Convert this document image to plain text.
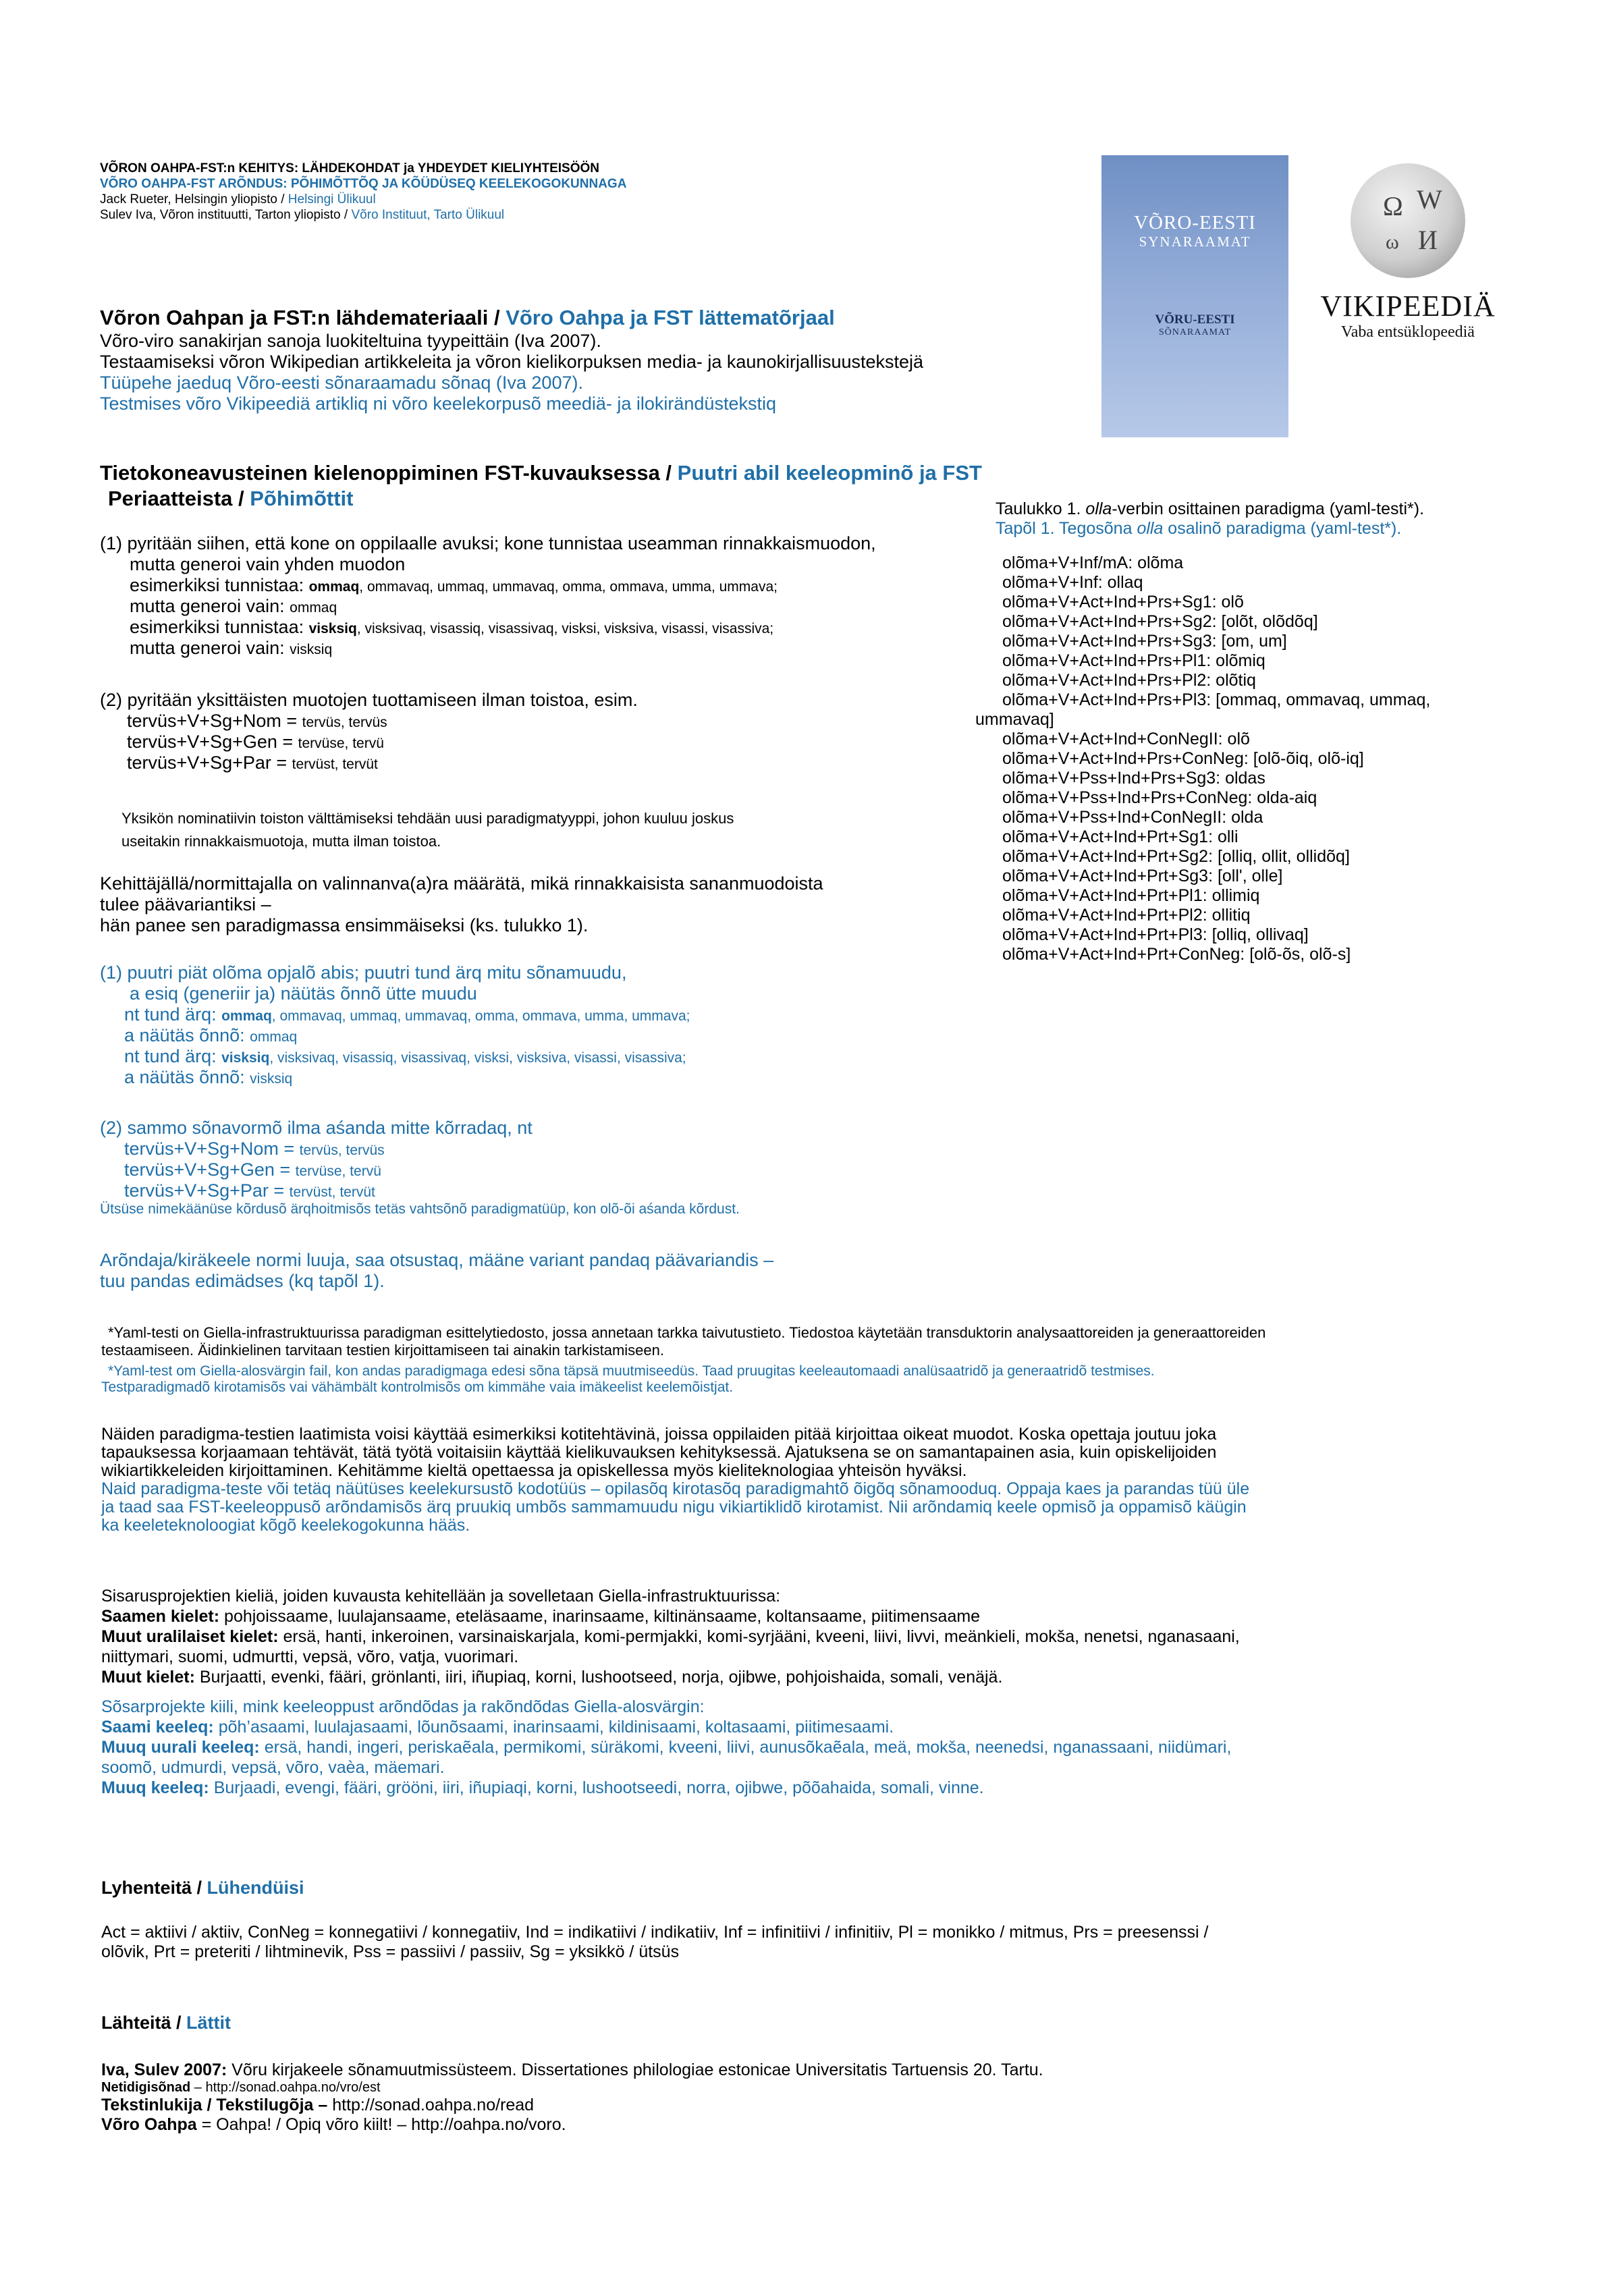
VÕRON OAHPA-FST:n KEHITYS: LÄHDEKOHDAT ja YHDEYDET KIELIYHTEISÖÖN
VÕRO OAHPA-FST ARÕNDUS: PÕHIMÕTTÕQ JA KÕÜDÜSEQ KEELEKOGOKUNNAGA
Jack Rueter, Helsingin yliopisto / Helsingi Ülikuul
Sulev Iva, Võron instituutti, Tarton yliopisto / Võro Instituut, Tarto Ülikuul	VÕRO-EESTI
SYNARAAMAT
VÕRU-EESTI
SÕNARAAMAT
Ω W
И
ω
VIKIPEEDIÄ
Vaba entsüklopeediä
Võron Oahpan ja FST:n lähdemateriaali / Võro Oahpa ja FST lättematõrjaal
Võro-viro sanakirjan sanoja luokiteltuina tyypeittäin (Iva 2007).
Testaamiseksi võron Wikipedian artikkeleita ja võron kielikorpuksen media- ja kaunokirjallisuustekstejä
Tüüpehe jaeduq Võro-eesti sõnaraamadu sõnaq (Iva 2007).
Testmises võro Vikipeediä artikliq ni võro keelekorpusõ meediä- ja ilokirändüstekstiq
Tietokoneavusteinen kielenoppiminen FST-kuvauksessa / Puutri abil keeleopminõ ja FST
Periaatteista / Põhimõttit
(1) pyritään siihen, että kone on oppilaalle avuksi; kone tunnistaa useamman rinnakkaismuodon,
mutta generoi vain yhden muodon
esimerkiksi tunnistaa: ommaq, ommavaq, ummaq, ummavaq, omma, ommava, umma, ummava;
mutta generoi vain: ommaq
esimerkiksi tunnistaa: visksiq, visksivaq, visassiq, visassivaq, visksi, visksiva, visassi, visassiva;
mutta generoi vain: visksiq
(2) pyritään yksittäisten muotojen tuottamiseen ilman toistoa, esim.
tervüs+V+Sg+Nom = tervüs, tervüs
tervüs+V+Sg+Gen = tervüse, tervü
tervüs+V+Sg+Par = tervüst, tervüt
Yksikön nominatiivin toiston välttämiseksi tehdään uusi paradigmatyyppi, johon kuuluu joskus
useitakin rinnakkaismuotoja, mutta ilman toistoa.
Kehittäjällä/normittajalla on valinnanva(a)ra määrätä, mikä rinnakkaisista sananmuodoista
tulee päävariantiksi –
hän panee sen paradigmassa ensimmäiseksi (ks. tulukko 1).
(1) puutri piät olõma opjalõ abis; puutri tund ärq mitu sõnamuudu,
a esiq (generiir ja) näütäs õnnõ ütte muudu
nt tund ärq: ommaq, ommavaq, ummaq, ummavaq, omma, ommava, umma, ummava;
a näütäs õnnõ: ommaq
nt tund ärq: visksiq, visksivaq, visassiq, visassivaq, visksi, visksiva, visassi, visassiva;
a näütäs õnnõ: visksiq
(2) sammo sõnavormõ ilma aśanda mitte kõrradaq, nt
tervüs+V+Sg+Nom = tervüs, tervüs
tervüs+V+Sg+Gen = tervüse, tervü
tervüs+V+Sg+Par = tervüst, tervüt
Ütsüse nimekäänüse kõrdusõ ärqhoitmisõs tetäs vahtsõnõ paradigmatüüp, kon olõ-õi aśanda kõrdust.
Arõndaja/kiräkeele normi luuja, saa otsustaq, määne variant pandaq päävariandis –
tuu pandas edimädses (kq tapõl 1).
Taulukko 1. olla-verbin osittainen paradigma (yaml-testi*).
Tapõl 1. Tegosõna olla osalinõ paradigma (yaml-test*).
olõma+V+Inf/mA: olõma
olõma+V+Inf: ollaq
olõma+V+Act+Ind+Prs+Sg1: olõ
olõma+V+Act+Ind+Prs+Sg2: [olõt, olõdõq]
olõma+V+Act+Ind+Prs+Sg3: [om, um]
olõma+V+Act+Ind+Prs+Pl1: olõmiq
olõma+V+Act+Ind+Prs+Pl2: olõtiq
olõma+V+Act+Ind+Prs+Pl3: [ommaq, ommavaq, ummaq,
ummavaq]
olõma+V+Act+Ind+ConNegII: olõ
olõma+V+Act+Ind+Prs+ConNeg: [olõ-õiq, olõ-iq]
olõma+V+Pss+Ind+Prs+Sg3: oldas
olõma+V+Pss+Ind+Prs+ConNeg: olda-aiq
olõma+V+Pss+Ind+ConNegII: olda
olõma+V+Act+Ind+Prt+Sg1: olli
olõma+V+Act+Ind+Prt+Sg2: [olliq, ollit, ollidõq]
olõma+V+Act+Ind+Prt+Sg3: [oll', olle]
olõma+V+Act+Ind+Prt+Pl1: ollimiq
olõma+V+Act+Ind+Prt+Pl2: ollitiq
olõma+V+Act+Ind+Prt+Pl3: [olliq, ollivaq]
olõma+V+Act+Ind+Prt+ConNeg: [olõ-õs, olõ-s]
*Yaml-testi on Giella-infrastruktuurissa paradigman esittelytiedosto, jossa annetaan tarkka taivutustieto. Tiedostoa käytetään transduktorin analysaattoreiden ja generaattoreiden
testaamiseen. Äidinkielinen tarvitaan testien kirjoittamiseen tai ainakin tarkistamiseen.
*Yaml-test om Giella-alosvärgin fail, kon andas paradigmaga edesi sõna täpsä muutmiseedüs. Taad pruugitas keeleautomaadi analüsaatridõ ja generaatridõ testmises.
Testparadigmadõ kirotamisõs vai vähämbält kontrolmisõs om kimmähe vaia imäkeelist keelemõistjat.
Näiden paradigma-testien laatimista voisi käyttää esimerkiksi kotitehtävinä, joissa oppilaiden pitää kirjoittaa oikeat muodot. Koska opettaja joutuu joka
tapauksessa korjaamaan tehtävät, tätä työtä voitaisiin käyttää kielikuvauksen kehityksessä. Ajatuksena se on samantapainen asia, kuin opiskelijoiden
wikiartikkeleiden kirjoittaminen. Kehitämme kieltä opettaessa ja opiskellessa myös kieliteknologiaa yhteisön hyväksi.
Naid paradigma-teste või tetäq näütüses keelekursustõ kodotüüs – opilasõq kirotasõq paradigmahtõ õigõq sõnamooduq. Oppaja kaes ja parandas tüü üle
ja taad saa FST-keeleoppusõ arõndamisõs ärq pruukiq umbõs sammamuudu nigu vikiartiklidõ kirotamist. Nii arõndamiq keele opmisõ ja oppamisõ käügin
ka keeleteknoloogiat kõgõ keelekogokunna hääs.
Sisarusprojektien kieliä, joiden kuvausta kehitellään ja sovelletaan Giella-infrastruktuurissa:
Saamen kielet: pohjoissaame, luulajansaame, eteläsaame, inarinsaame, kiltinänsaame, koltansaame, piitimensaame
Muut uralilaiset kielet: ersä, hanti, inkeroinen, varsinaiskarjala, komi-permjakki, komi-syrjääni, kveeni, liivi, livvi, meänkieli, mokša, nenetsi, nganasaani,
niittymari, suomi, udmurtti, vepsä, võro, vatja, vuorimari.
Muut kielet: Burjaatti, evenki, fääri, grönlanti, iiri, iñupiaq, korni, lushootseed, norja, ojibwe, pohjoishaida, somali, venäjä.
Sõsarprojekte kiili, mink keeleoppust arõndõdas ja rakõndõdas Giella-alosvärgin:
Saami keeleq: põh’asaami, luulajasaami, lõunõsaami, inarinsaami, kildinisaami, koltasaami, piitimesaami.
Muuq uurali keeleq: ersä, handi, ingeri, periskaẽala, permikomi, süräkomi, kveeni, liivi, aunusõkaẽala, meä, mokša, neenedsi, nganassaani, niidümari,
soomõ, udmurdi, vepsä, võro, vaèa, mäemari.
Muuq keeleq: Burjaadi, evengi, fääri, grööni, iiri, iñupiaqi, korni, lushootseedi, norra, ojibwe, põõahaida, somali, vinne.
Lyhenteitä / Lühendüisi
Act = aktiivi / aktiiv, ConNeg = konnegatiivi / konnegatiiv, Ind = indikatiivi / indikatiiv, Inf = infinitiivi / infinitiiv, Pl = monikko / mitmus, Prs = preesenssi /
olõvik, Prt = preteriti / lihtminevik, Pss = passiivi / passiiv, Sg = yksikkö / ütsüs
Lähteitä / Lättit
Iva, Sulev 2007: Võru kirjakeele sõnamuutmissüsteem. Dissertationes philologiae estonicae Universitatis Tartuensis 20. Tartu.
Netidigisõnad – http://sonad.oahpa.no/vro/est
Tekstinlukija / Tekstilugõja – http://sonad.oahpa.no/read
Võro Oahpa = Oahpa! / Opiq võro kiilt! – http://oahpa.no/voro.
